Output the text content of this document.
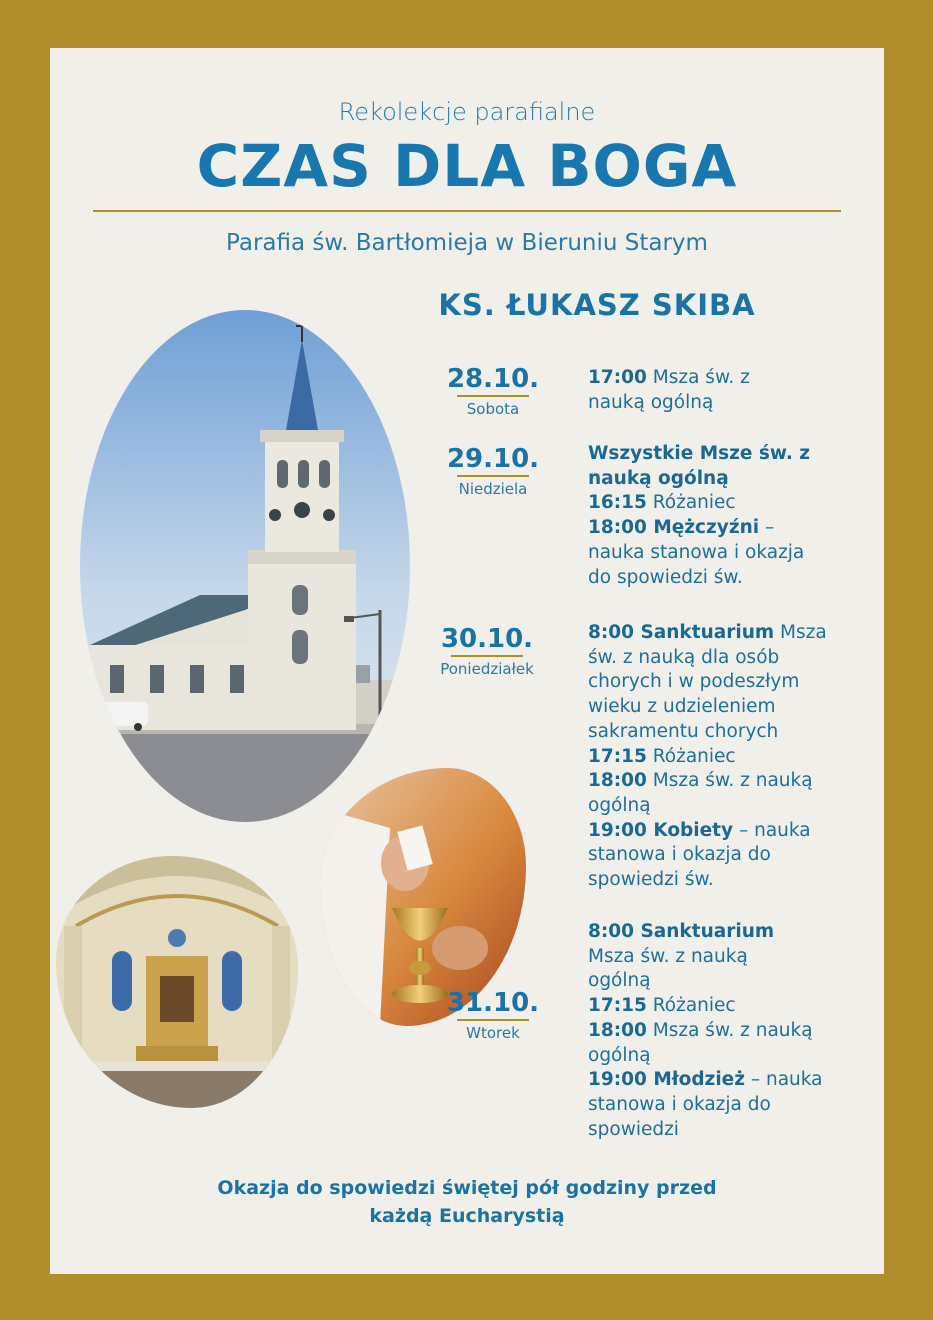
Rekolekcje parafialne
CZAS DLA BOGA
Parafia św. Bartłomieja w Bieruniu Starym
KS. ŁUKASZ SKIBA
28.10.
Sobota
29.10.
Niedziela
30.10.
Poniedziałek
31.10.
Wtorek
17:00 Msza św. z
nauką ogólną
Wszystkie Msze św. z
nauką ogólną
16:15 Różaniec
18:00 Mężczyźni –
nauka stanowa i okazja
do spowiedzi św.
8:00 Sanktuarium Msza
św. z nauką dla osób
chorych i w podeszłym
wieku z udzieleniem
sakramentu chorych
17:15 Różaniec
18:00 Msza św. z nauką
ogólną
19:00 Kobiety – nauka
stanowa i okazja do
spowiedzi św.
8:00 Sanktuarium
Msza św. z nauką
ogólną
17:15 Różaniec
18:00 Msza św. z nauką
ogólną
19:00 Młodzież – nauka
stanowa i okazja do
spowiedzi
Okazja do spowiedzi świętej pół godziny przed
każdą Eucharystią
